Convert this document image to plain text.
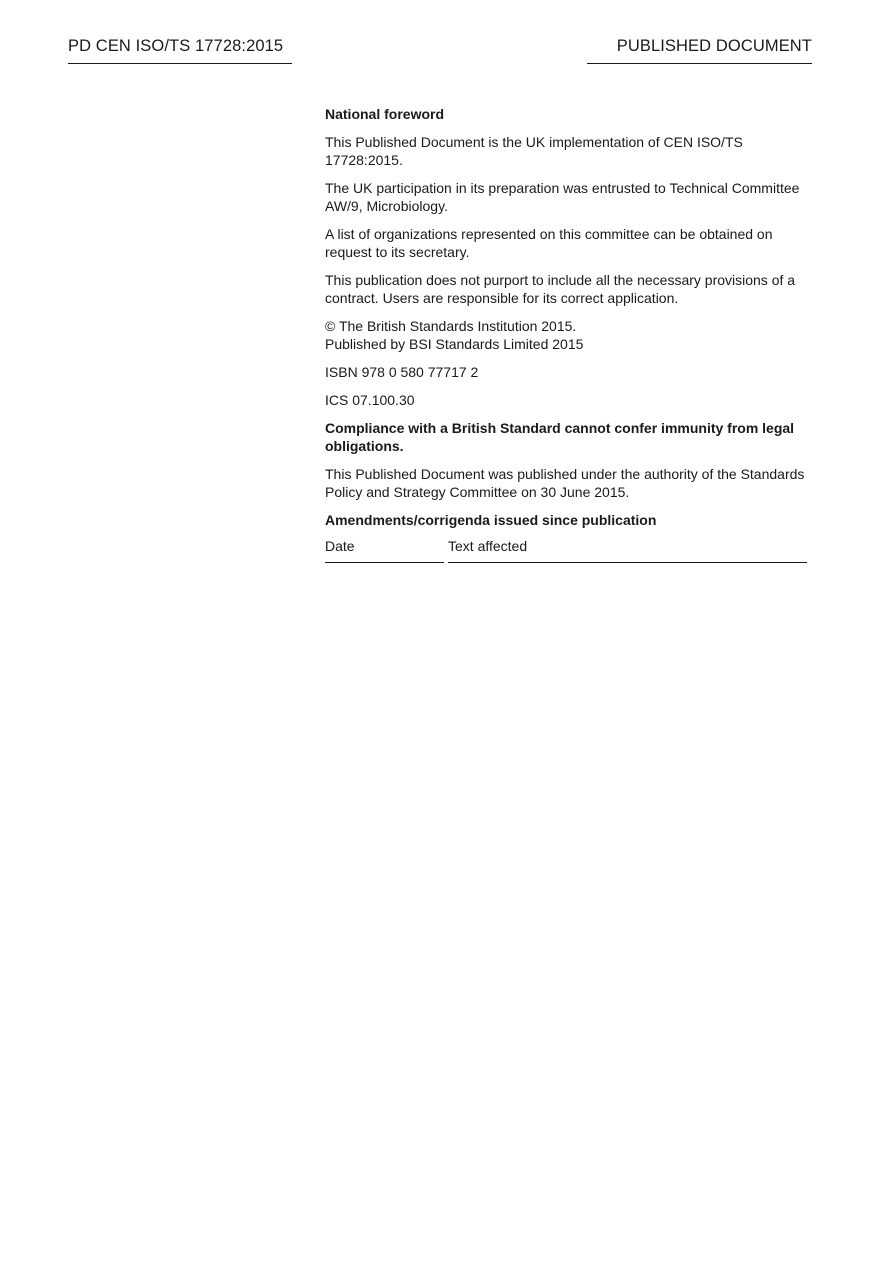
PD CEN ISO/TS 17728:2015	PUBLISHED DOCUMENT

National foreword

This Published Document is the UK implementation of CEN ISO/TS 17728:2015.

The UK participation in its preparation was entrusted to Technical Committee AW/9, Microbiology.

A list of organizations represented on this committee can be obtained on request to its secretary.

This publication does not purport to include all the necessary provisions of a contract. Users are responsible for its correct application.

© The British Standards Institution 2015.
Published by BSI Standards Limited 2015

ISBN 978 0 580 77717 2

ICS 07.100.30

Compliance with a British Standard cannot confer immunity from legal obligations.

This Published Document was published under the authority of the Standards Policy and Strategy Committee on 30 June 2015.

Amendments/corrigenda issued since publication

Date	Text affected
